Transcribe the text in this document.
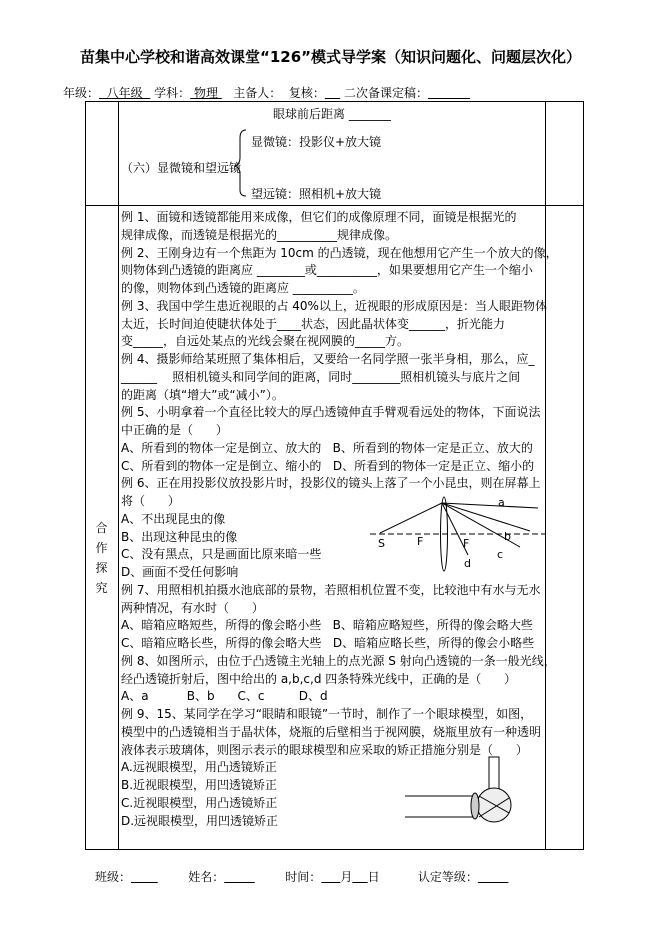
苗集中心学校和谐高效课堂“126”模式导学案（知识问题化、问题层次化）
年级：  八年级   学科： 物理    主备人： 复核： 二次备课定稿：
眼球前后距离 _______
显微镜：投影仪+放大镜
（六）显微镜和望远镜
望远镜：照相机+放大镜
合作探究
例 1、面镜和透镜都能用来成像，但它们的成像原理不同，面镜是根据光的
规律成像，而透镜是根据光的__________规律成像。
例 2、王刚身边有一个焦距为 10cm 的凸透镜，现在他想用它产生一个放大的像，
则物体到凸透镜的距离应 ________或__________，如果要想用它产生一个缩小
的像，则物体到凸透镜的距离应 __________。
例 3、我国中学生患近视眼的占 40%以上，近视眼的形成原因是：当人眼距物体
太近，长时间迫使睫状体处于____状态，因此晶状体变______，折光能力
变_____，自远处某点的光线会聚在视网膜的_____方。
例 4、摄影师给某班照了集体相后，又要给一名同学照一张半身相，那么，应_
______    照相机镜头和同学间的距离，同时________照相机镜头与底片之间
的距离（填“增大”或“减小”）。
例 5、小明拿着一个直径比较大的厚凸透镜伸直手臂观看远处的物体，下面说法
中正确的是（      ）
A、所看到的物体一定是倒立、放大的   B、所看到的物体一定是正立、放大的
C、所看到的物体一定是倒立、缩小的   D、所看到的物体一定是正立、缩小的
例 6、正在用投影仪放投影片时，投影仪的镜头上落了一个小昆虫，则在屏幕上
将（      ）
A、不出现昆虫的像
B、出现这种昆虫的像
C、没有黑点，只是画面比原来暗一些
D、画面不受任何影响
例 7、用照相机拍摄水池底部的景物，若照相机位置不变，比较池中有水与无水
两种情况，有水时（      ）
A、暗箱应略短些，所得的像会略小些   B、暗箱应略短些，所得的像会略大些
C、暗箱应略长些，所得的像会略大些   D、暗箱应略长些，所得的像会小略些
例 8、如图所示，由位于凸透镜主光轴上的点光源 S 射向凸透镜的一条一般光线，
经凸透镜折射后，图中给出的 a,b,c,d 四条特殊光线中，正确的是（      ）
A、a          B、b      C、c         D、d
例 9、15、某同学在学习“眼睛和眼镜”一节时，制作了一个眼球模型，如图，
模型中的凸透镜相当于晶状体，烧瓶的后壁相当于视网膜，烧瓶里放有一种透明
液体表示玻璃体，则图示表示的眼球模型和应采取的矫正措施分别是（      ）
A.远视眼模型，用凸透镜矫正
B.近视眼模型，用凹透镜矫正
C.近视眼模型，用凸透镜矫正
D.远视眼模型，用凹透镜矫正
S	F	F
a
b
c
d
班级：	姓名：	时间： 月 日	认定等级：
